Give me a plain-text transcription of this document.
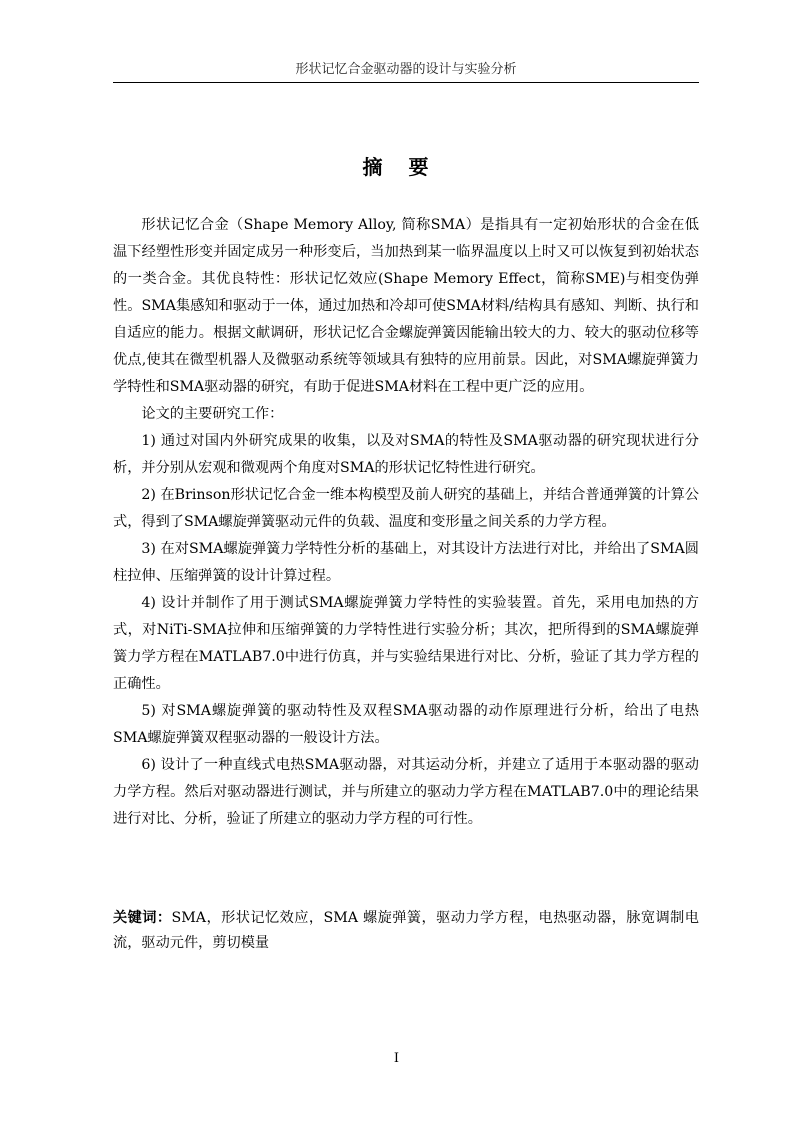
形状记忆合金驱动器的设计与实验分析
摘 要

形状记忆合金（Shape Memory Alloy, 简称SMA）是指具有一定初始形状的合金在低温下经塑性形变并固定成另一种形变后，当加热到某一临界温度以上时又可以恢复到初始状态的一类合金。其优良特性：形状记忆效应(Shape Memory Effect，简称SME)与相变伪弹性。SMA集感知和驱动于一体，通过加热和冷却可使SMA材料/结构具有感知、判断、执行和自适应的能力。根据文献调研，形状记忆合金螺旋弹簧因能输出较大的力、较大的驱动位移等优点,使其在微型机器人及微驱动系统等领域具有独特的应用前景。因此，对SMA螺旋弹簧力学特性和SMA驱动器的研究，有助于促进SMA材料在工程中更广泛的应用。

论文的主要研究工作：

1) 通过对国内外研究成果的收集，以及对SMA的特性及SMA驱动器的研究现状进行分析，并分别从宏观和微观两个角度对SMA的形状记忆特性进行研究。

2) 在Brinson形状记忆合金一维本构模型及前人研究的基础上，并结合普通弹簧的计算公式，得到了SMA螺旋弹簧驱动元件的负载、温度和变形量之间关系的力学方程。

3) 在对SMA螺旋弹簧力学特性分析的基础上，对其设计方法进行对比，并给出了SMA圆柱拉伸、压缩弹簧的设计计算过程。

4) 设计并制作了用于测试SMA螺旋弹簧力学特性的实验装置。首先，采用电加热的方式，对NiTi-SMA拉伸和压缩弹簧的力学特性进行实验分析；其次，把所得到的SMA螺旋弹簧力学方程在MATLAB7.0中进行仿真，并与实验结果进行对比、分析，验证了其力学方程的正确性。

5) 对SMA螺旋弹簧的驱动特性及双程SMA驱动器的动作原理进行分析，给出了电热SMA螺旋弹簧双程驱动器的一般设计方法。

6) 设计了一种直线式电热SMA驱动器，对其运动分析，并建立了适用于本驱动器的驱动力学方程。然后对驱动器进行测试，并与所建立的驱动力学方程在MATLAB7.0中的理论结果进行对比、分析，验证了所建立的驱动力学方程的可行性。

关键词：SMA，形状记忆效应，SMA 螺旋弹簧，驱动力学方程，电热驱动器，脉宽调制电流，驱动元件，剪切模量
I
